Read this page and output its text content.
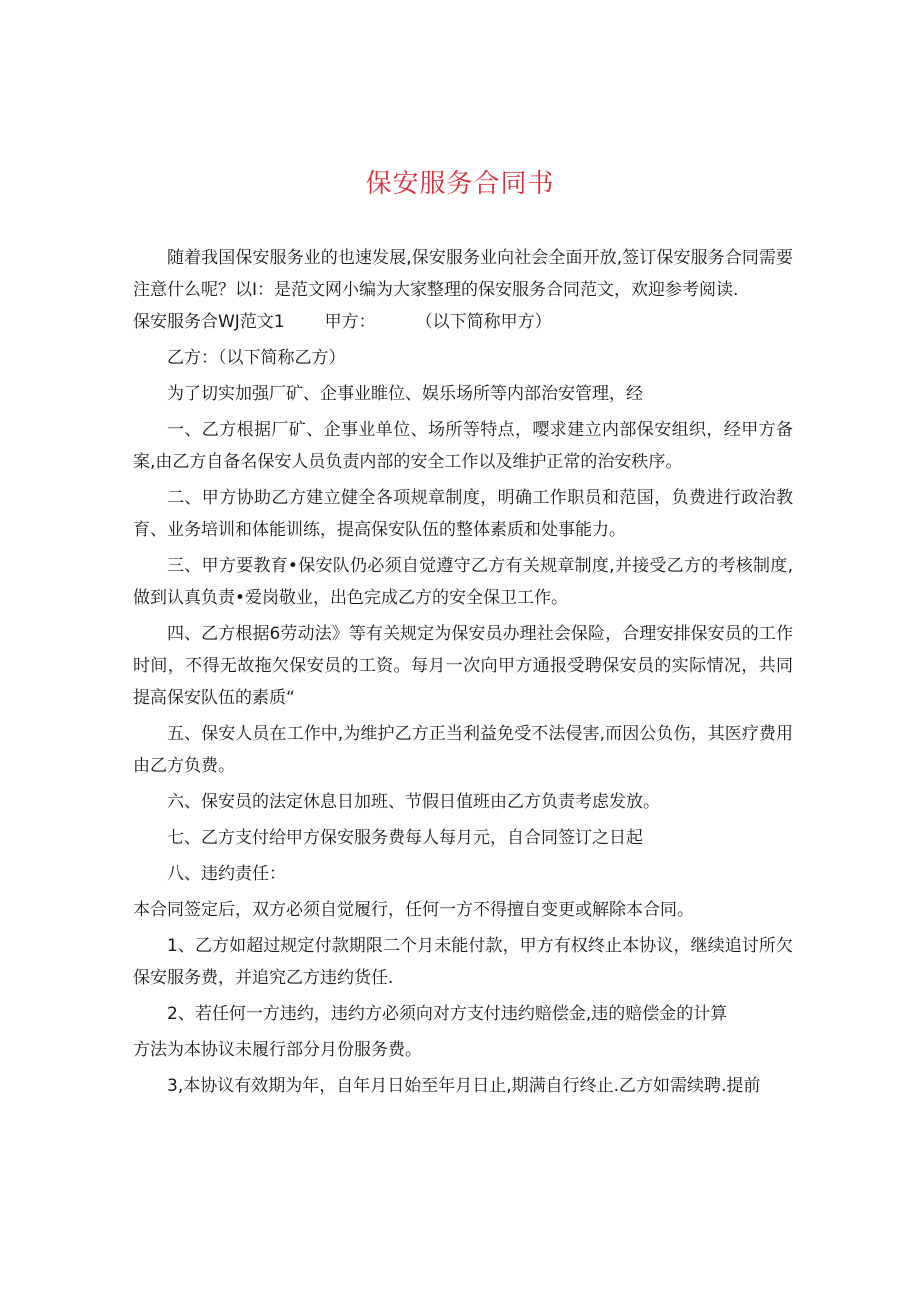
保安服务合同书

随着我国保安服务业的也速发展,保安服务业向社会全面开放,签订保安服务合同需要注意什么呢？以I：是范文网小编为大家整理的保安服务合同范文，欢迎参考阅读.

保安服务合WJ范文1 甲方： （以下简称甲方）

乙方：（以下简称乙方）

为了切实加强厂矿、企事业睢位、娱乐场所等内部治安管理，经

一、乙方根据厂矿、企事业单位、场所等特点，嘤求建立内部保安组织，经甲方备案,由乙方自备名保安人员负责内部的安全工作以及维护正常的治安秩序。

二、甲方协助乙方建立健全各项规章制度，明确工作职员和范国，负费进行政治教育、业务培训和体能训练，提高保安队伍的整体素质和处事能力。

三、甲方要教育•保安队仍必须自觉遵守乙方有关规章制度,并接受乙方的考核制度,做到认真负责•爱岗敬业，出色完成乙方的安全保卫工作。

四、乙方根据6劳动法》等有关规定为保安员办理社会保险，合理安排保安员的工作时间，不得无故拖欠保安员的工资。每月一次向甲方通报受聘保安员的实际情况，共同提高保安队伍的素质“

五、保安人员在工作中,为维护乙方正当利益免受不法侵害,而因公负伤，其医疗费用由乙方负费。

六、保安员的法定休息日加班、节假日值班由乙方负责考虑发放。

七、乙方支付给甲方保安服务费每人每月元，自合同签订之日起

八、违约责任：

本合同签定后，双方必须自觉履行，任何一方不得擅自变更或解除本合同。

1、乙方如超过规定付款期限二个月未能付款，甲方有权终止本协议，继续追讨所欠保安服务费，并追究乙方违约货任.

2、若任何一方违约，违约方必须向对方支付违约赔偿金,违的赔偿金的计算

方法为本协议未履行部分月份服务费。

3,本协议有效期为年，自年月日始至年月日止,期满自行终止.乙方如需续聘.提前
